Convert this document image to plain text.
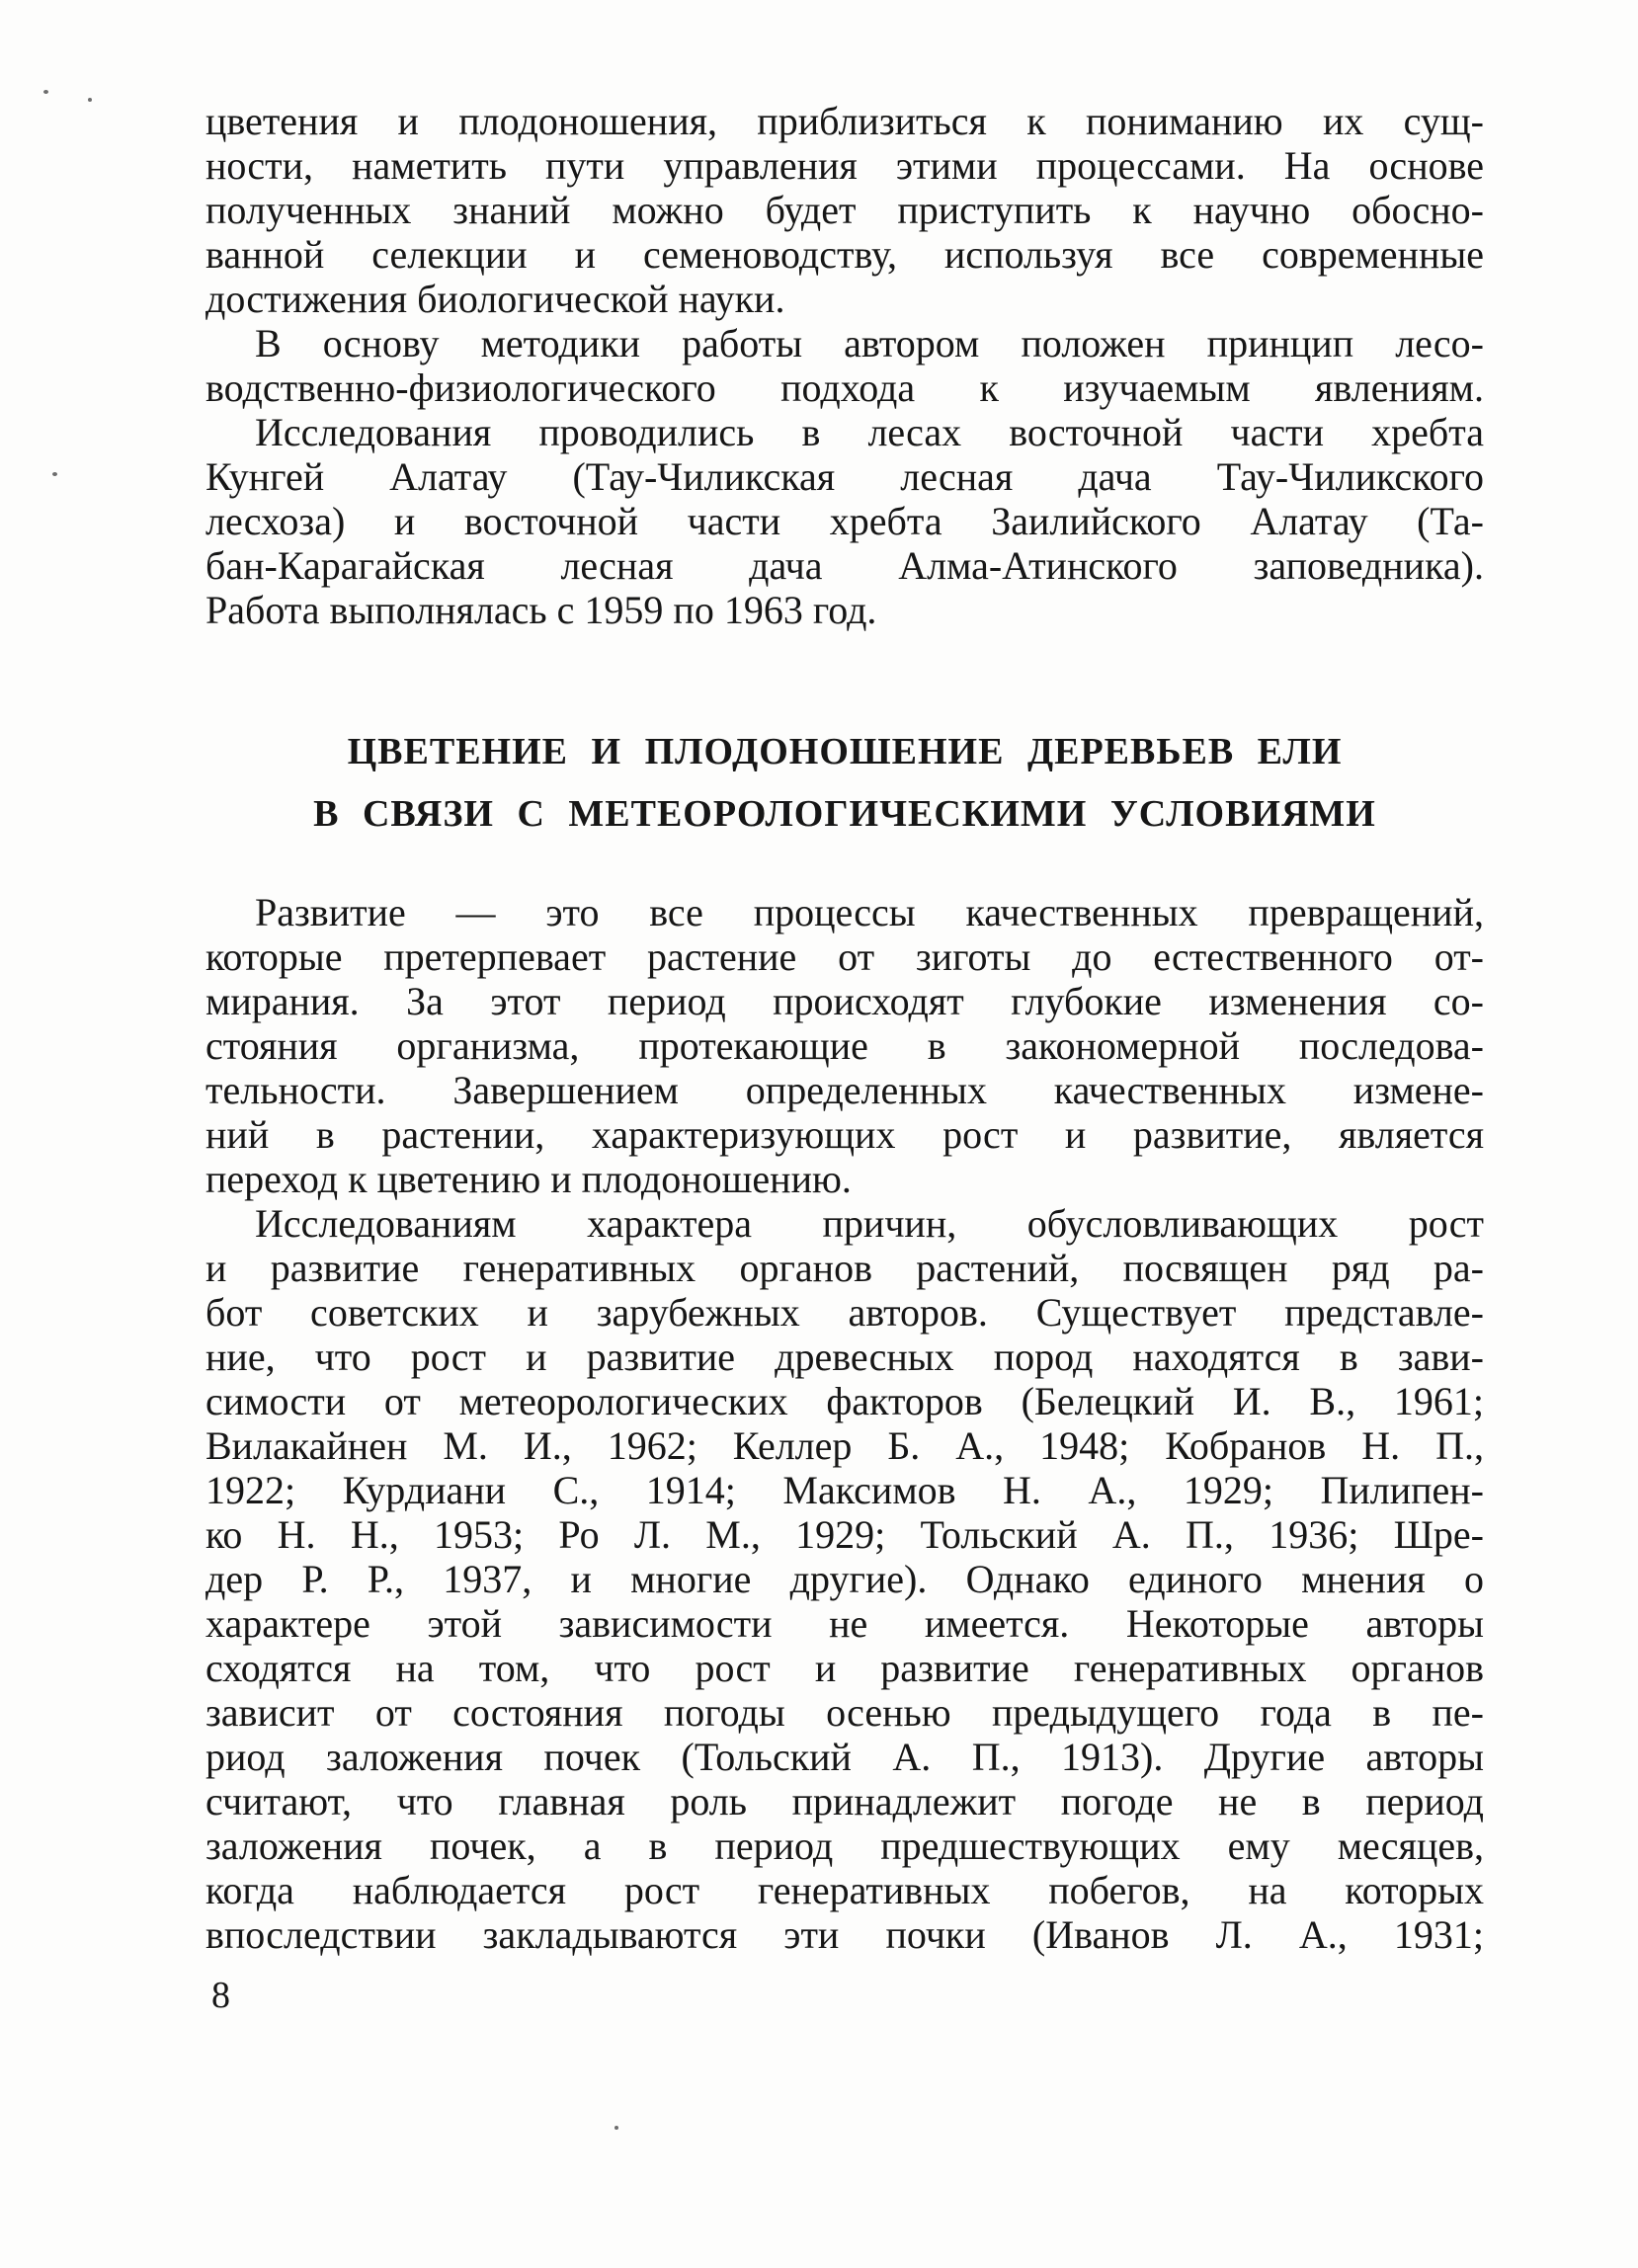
цветения и плодоношения, приблизиться к пониманию их сущ-
ности, наметить пути управления этими процессами. На основе
полученных знаний можно будет приступить к научно обосно-
ванной селекции и семеноводству, используя все современные
достижения биологической науки.
В основу методики работы автором положен принцип лесо-
водственно-физиологического подхода к изучаемым явлениям.
Исследования проводились в лесах восточной части хребта
Кунгей Алатау (Тау-Чиликская лесная дача Тау-Чиликского
лесхоза) и восточной части хребта Заилийского Алатау (Та-
бан-Карагайская лесная дача Алма-Атинского заповедника).
Работа выполнялась с 1959 по 1963 год.
ЦВЕТЕНИЕ И ПЛОДОНОШЕНИЕ ДЕРЕВЬЕВ ЕЛИ
В СВЯЗИ С МЕТЕОРОЛОГИЧЕСКИМИ УСЛОВИЯМИ
Развитие — это все процессы качественных превращений,
которые претерпевает растение от зиготы до естественного от-
мирания. За этот период происходят глубокие изменения со-
стояния организма, протекающие в закономерной последова-
тельности. Завершением определенных качественных измене-
ний в растении, характеризующих рост и развитие, является
переход к цветению и плодоношению.
Исследованиям характера причин, обусловливающих рост
и развитие генеративных органов растений, посвящен ряд ра-
бот советских и зарубежных авторов. Существует представле-
ние, что рост и развитие древесных пород находятся в зави-
симости от метеорологических факторов (Белецкий И. В., 1961;
Вилакайнен М. И., 1962; Келлер Б. А., 1948; Кобранов Н. П.,
1922; Курдиани С., 1914; Максимов Н. А., 1929; Пилипен-
ко Н. Н., 1953; Ро Л. М., 1929; Тольский А. П., 1936; Шре-
дер Р. Р., 1937, и многие другие). Однако единого мнения о
характере этой зависимости не имеется. Некоторые авторы
сходятся на том, что рост и развитие генеративных органов
зависит от состояния погоды осенью предыдущего года в пе-
риод заложения почек (Тольский А. П., 1913). Другие авторы
считают, что главная роль принадлежит погоде не в период
заложения почек, а в период предшествующих ему месяцев,
когда наблюдается рост генеративных побегов, на которых
впоследствии закладываются эти почки (Иванов Л. А., 1931;
8
